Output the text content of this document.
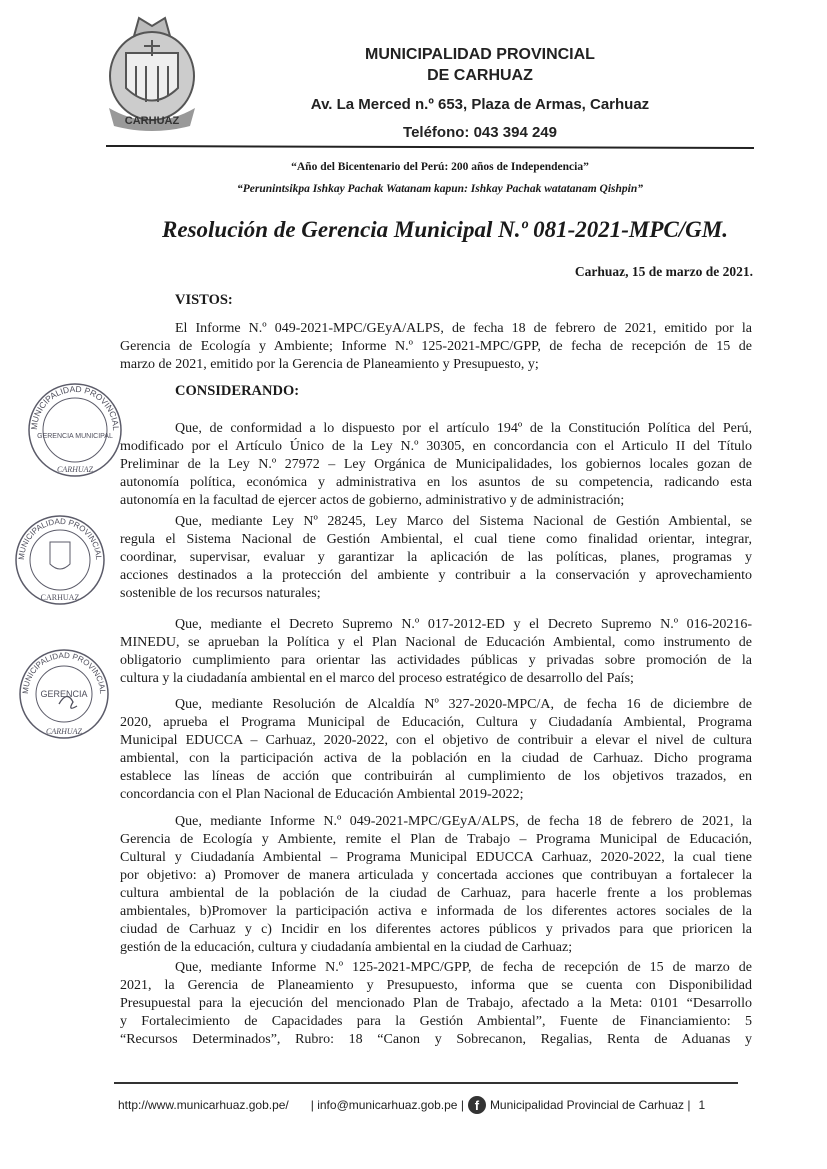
CARHUAZ
MUNICIPALIDAD PROVINCIAL
DE CARHUAZ
Av. La Merced n.º 653, Plaza de Armas, Carhuaz
Teléfono: 043 394 249
“Año del Bicentenario del Perú: 200 años de Independencia”
“Perunintsikpa Ishkay Pachak Watanam kapun: Ishkay Pachak watatanam Qishpin”
Resolución de Gerencia Municipal N.º 081-2021-MPC/GM.
Carhuaz, 15 de marzo de 2021.
VISTOS:
CONSIDERANDO:
El Informe N.º 049-2021-MPC/GEyA/ALPS, de fecha 18 de febrero de 2021, emitido por la
Gerencia de Ecología y Ambiente; Informe N.º 125-2021-MPC/GPP, de fecha de recepción de 15 de
marzo de 2021, emitido por la Gerencia de Planeamiento y Presupuesto, y;
Que, de conformidad a lo dispuesto por el artículo 194º de la Constitución Política del Perú,
modificado por el Artículo Único de la Ley N.º 30305, en concordancia con el Articulo II del Título
Preliminar de la Ley N.º 27972 – Ley Orgánica de Municipalidades, los gobiernos locales gozan de
autonomía política, económica y administrativa en los asuntos de su competencia, radicando esta
autonomía en la facultad de ejercer actos de gobierno, administrativo y de administración;
Que, mediante Ley Nº 28245, Ley Marco del Sistema Nacional de Gestión Ambiental, se
regula el Sistema Nacional de Gestión Ambiental, el cual tiene como finalidad orientar, integrar,
coordinar, supervisar, evaluar y garantizar la aplicación de las políticas, planes, programas y
acciones destinados a la protección del ambiente y contribuir a la conservación y aprovechamiento
sostenible de los recursos naturales;
Que, mediante el Decreto Supremo N.º 017-2012-ED y el Decreto Supremo N.º 016-20216-
MINEDU, se aprueban la Política y el Plan Nacional de Educación Ambiental, como instrumento de
obligatorio cumplimiento para orientar las actividades públicas y privadas sobre promoción de la
cultura y la ciudadanía ambiental en el marco del proceso estratégico de desarrollo del País;
Que, mediante Resolución de Alcaldía Nº 327-2020-MPC/A, de fecha 16 de diciembre de
2020, aprueba el Programa Municipal de Educación, Cultura y Ciudadanía Ambiental, Programa
Municipal EDUCCA – Carhuaz, 2020-2022, con el objetivo de contribuir a elevar el nivel de cultura
ambiental, con la participación activa de la población en la ciudad de Carhuaz. Dicho programa
establece las líneas de acción que contribuirán al cumplimiento de los objetivos trazados, en
concordancia con el Plan Nacional de Educación Ambiental 2019-2022;
Que, mediante Informe N.º 049-2021-MPC/GEyA/ALPS, de fecha 18 de febrero de 2021, la
Gerencia de Ecología y Ambiente, remite el Plan de Trabajo – Programa Municipal de Educación,
Cultural y Ciudadanía Ambiental – Programa Municipal EDUCCA Carhuaz, 2020-2022, la cual tiene
por objetivo: a) Promover de manera articulada y concertada acciones que contribuyan a fortalecer la
cultura ambiental de la población de la ciudad de Carhuaz, para hacerle frente a los problemas
ambientales, b)Promover la participación activa e informada de los diferentes actores sociales de la
ciudad de Carhuaz y c) Incidir en los diferentes actores públicos y privados para que prioricen la
gestión de la educación, cultura y ciudadanía ambiental en la ciudad de Carhuaz;
Que, mediante Informe N.º 125-2021-MPC/GPP, de fecha de recepción de 15 de marzo de
2021, la Gerencia de Planeamiento y Presupuesto, informa que se cuenta con Disponibilidad
Presupuestal para la ejecución del mencionado Plan de Trabajo, afectado a la Meta: 0101 “Desarrollo
y Fortalecimiento de Capacidades para la Gestión Ambiental”, Fuente de Financiamiento: 5
“Recursos Determinados”, Rubro: 18 “Canon y Sobrecanon, Regalias, Renta de Aduanas y
MUNICIPALIDAD PROVINCIAL
GERENCIA MUNICIPAL
CARHUAZ
MUNICIPALIDAD PROVINCIAL
CARHUAZ
MUNICIPALIDAD PROVINCIAL
GERENCIA
CARHUAZ
http://www.municarhuaz.gob.pe/ | info@municarhuaz.gob.pe | f Municipalidad Provincial de Carhuaz | 1
